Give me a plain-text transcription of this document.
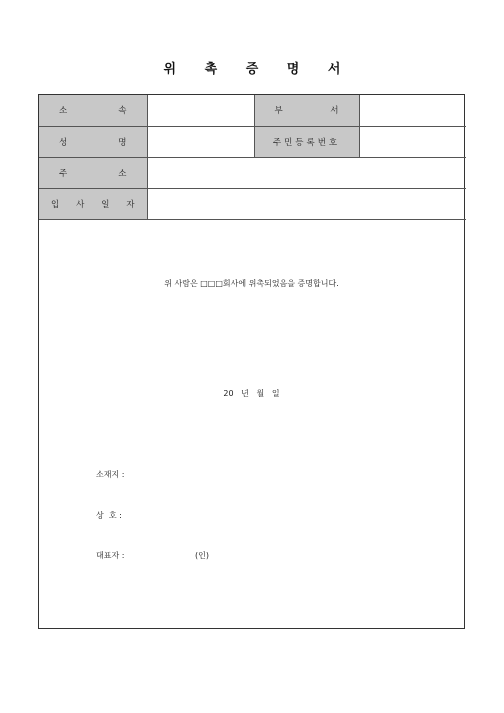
위 촉 증 명 서
소 속		부 서	

성 명		주민등록번호	

주 소			

입 사 일 자			

위 사람은 □□□회사에 위촉되었음을 증명합니다.
20   년   월   일
소재지 :
상  호 :
대표자 :	(인)
